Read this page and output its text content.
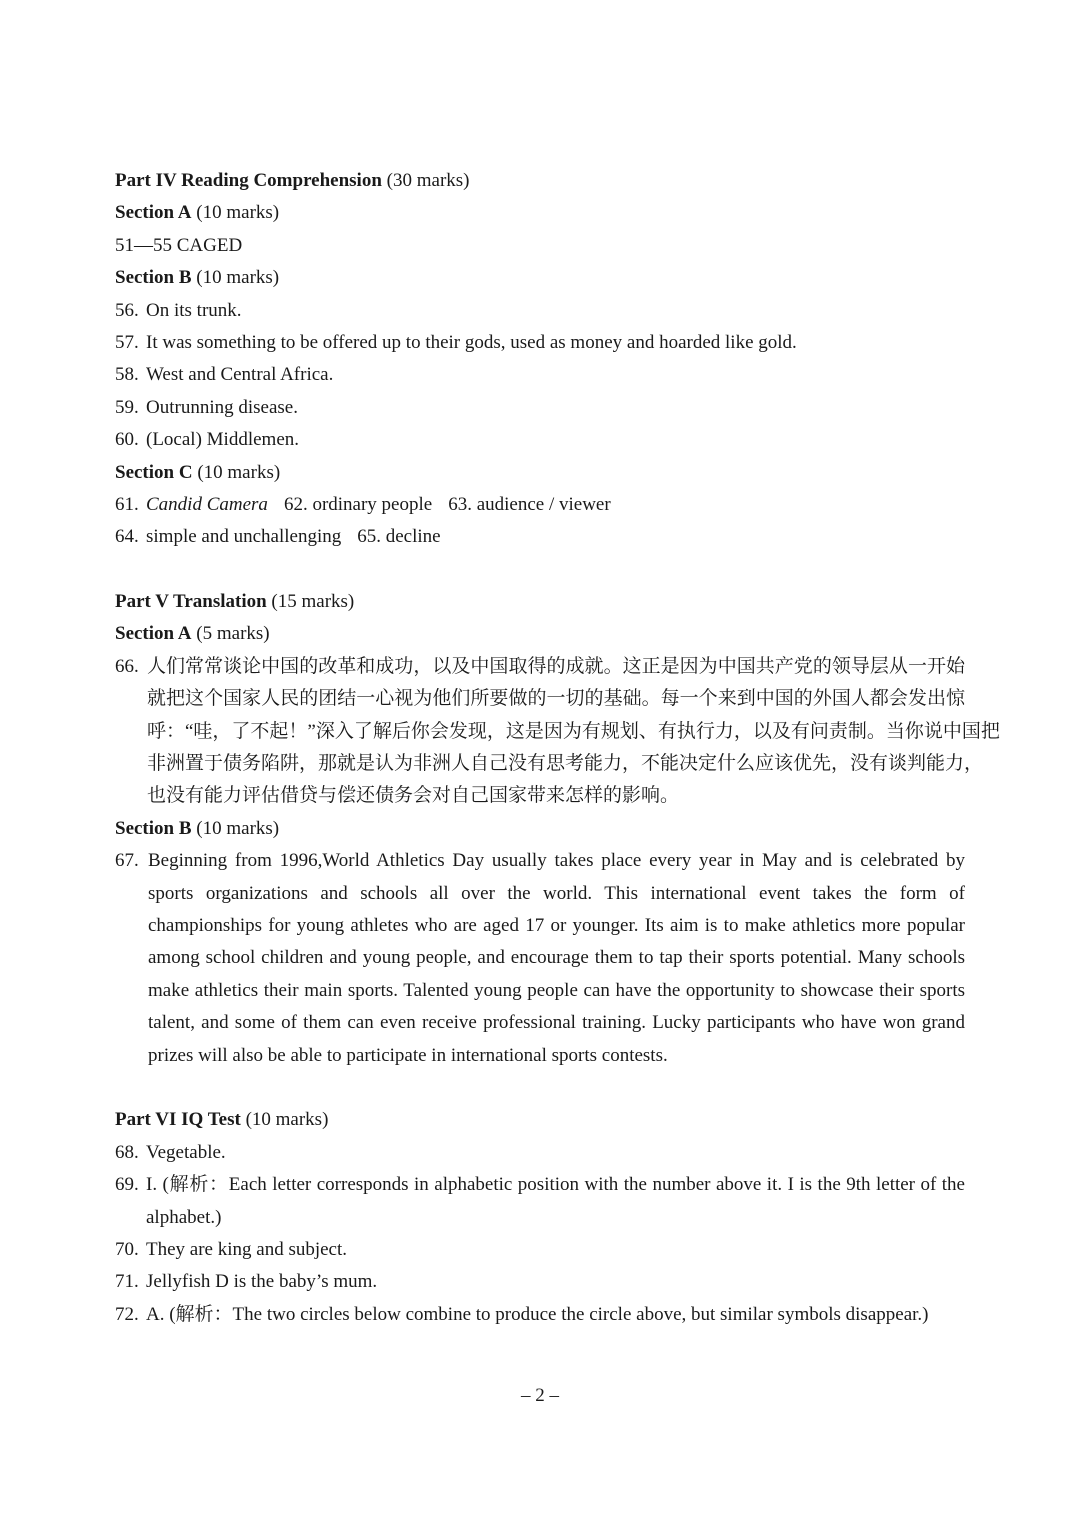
Part IV Reading Comprehension (30 marks)
Section A (10 marks)
51—55 CAGED
Section B (10 marks)
56. On its trunk.
57. It was something to be offered up to their gods, used as money and hoarded like gold.
58. West and Central Africa.
59. Outrunning disease.
60. (Local) Middlemen.
Section C (10 marks)
61. Candid Camera 62. ordinary people 63. audience / viewer
64. simple and unchallenging 65. decline
Part V Translation (15 marks)
Section A (5 marks)
66. 人们常常谈论中国的改革和成功，以及中国取得的成就。这正是因为中国共产党的领导层从一开始
就把这个国家人民的团结一心视为他们所要做的一切的基础。每一个来到中国的外国人都会发出惊
呼：“哇，了不起！”深入了解后你会发现，这是因为有规划、有执行力，以及有问责制。当你说中国把
非洲置于债务陷阱，那就是认为非洲人自己没有思考能力，不能决定什么应该优先，没有谈判能力，
也没有能力评估借贷与偿还债务会对自己国家带来怎样的影响。
Section B (10 marks)
67. Beginning from 1996,World Athletics Day usually takes place every year in May and is celebrated by
sports organizations and schools all over the world. This international event takes the form of
championships for young athletes who are aged 17 or younger. Its aim is to make athletics more popular
among school children and young people, and encourage them to tap their sports potential. Many schools
make athletics their main sports. Talented young people can have the opportunity to showcase their sports
talent, and some of them can even receive professional training. Lucky participants who have won grand
prizes will also be able to participate in international sports contests.
Part VI IQ Test (10 marks)
68. Vegetable.
69. I. (解析：Each letter corresponds in alphabetic position with the number above it. I is the 9th letter of the
alphabet.)
70. They are king and subject.
71. Jellyfish D is the baby’s mum.
72. A. (解析：The two circles below combine to produce the circle above, but similar symbols disappear.)
– 2 –
